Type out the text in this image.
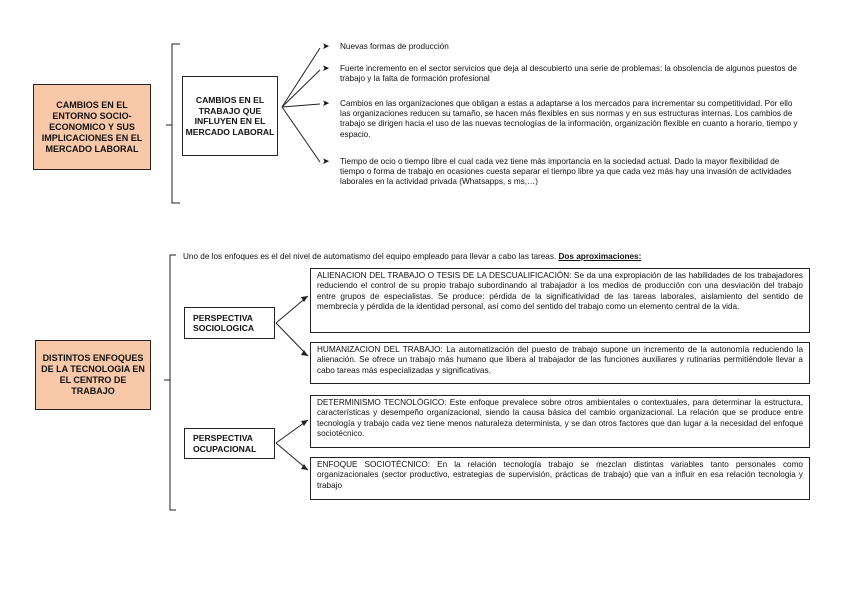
CAMBIOS EN EL ENTORNO SOCIO-ECONOMICO Y SUS IMPLICACIONES EN EL MERCADO LABORAL
CAMBIOS EN EL TRABAJO QUE INFLUYEN EN EL MERCADO LABORAL
➤ Nuevas formas de producción
➤ Fuerte incremento en el sector servicios que deja al descubierto una serie de problemas: la obsolencia de algunos puestos de trabajo y la falta de formación profesional
➤ Cambios en las organizaciones que obligan a estas a adaptarse a los mercados para incrementar su competitividad. Por ello las organizaciones reducen su tamaño, se hacen más flexibles en sus normas y en sus estructuras internas. Los cambios de trabajo se dirigen hacia el uso de las nuevas tecnologías de la información, organización flexible en cuanto a horario, tiempo y espacio.
➤ Tiempo de ocio o tiempo libre el cual cada vez tiene más importancia en la sociedad actual. Dado la mayor flexibilidad de tiempo o forma de trabajo en ocasiones cuesta separar el tiempo libre ya que cada vez más hay una invasión de actividades laborales en la actividad privada (Whatsapps, s ms,…)
Uno de los enfoques es el del nivel de automatismo del equipo empleado para llevar a cabo las tareas. Dos aproximaciones:
DISTINTOS ENFOQUES DE LA TECNOLOGIA EN EL CENTRO DE TRABAJO
PERSPECTIVA SOCIOLOGICA
PERSPECTIVA OCUPACIONAL
ALIENACION DEL TRABAJO O TESIS DE LA DESCUALIFICACIÓN: Se da una expropiación de las habilidades de los trabajadores reduciendo el control de su propio trabajo subordinando al trabajador a los medios de producción con una desviación del trabajo entre grupos de especialistas. Se produce: pérdida de la significatividad de las tareas laborales, aislamiento del sentido de membrecía y pérdida de la identidad personal, así como del sentido del trabajo como un elemento central de la vida.
HUMANIZACION DEL TRABAJO: La automatización del puesto de trabajo supone un incremento de la autonomía reduciendo la alienación. Se ofrece un trabajo más humano que libera al trabajador de las funciones auxiliares y rutinarias permitiéndole llevar a cabo tareas más especializadas y significativas.
DETERMINISMO TECNOLÓGICO: Este enfoque prevalece sobre otros ambientales o contextuales, para determinar la estructura, características y desempeño organizacional, siendo la causa básica del cambio organizacional. La relación que se produce entre tecnología y trabajo cada vez tiene menos naturaleza determinista, y se dan otros factores que dan lugar a la necesidad del enfoque sociotécnico.
ENFOQUE SOCIOTÉCNICO: En la relación tecnología trabajo se mezclan distintas variables tanto personales como organizacionales (sector productivo, estrategias de supervisión, prácticas de trabajo) que van a influir en esa relación tecnologia y trabajo
